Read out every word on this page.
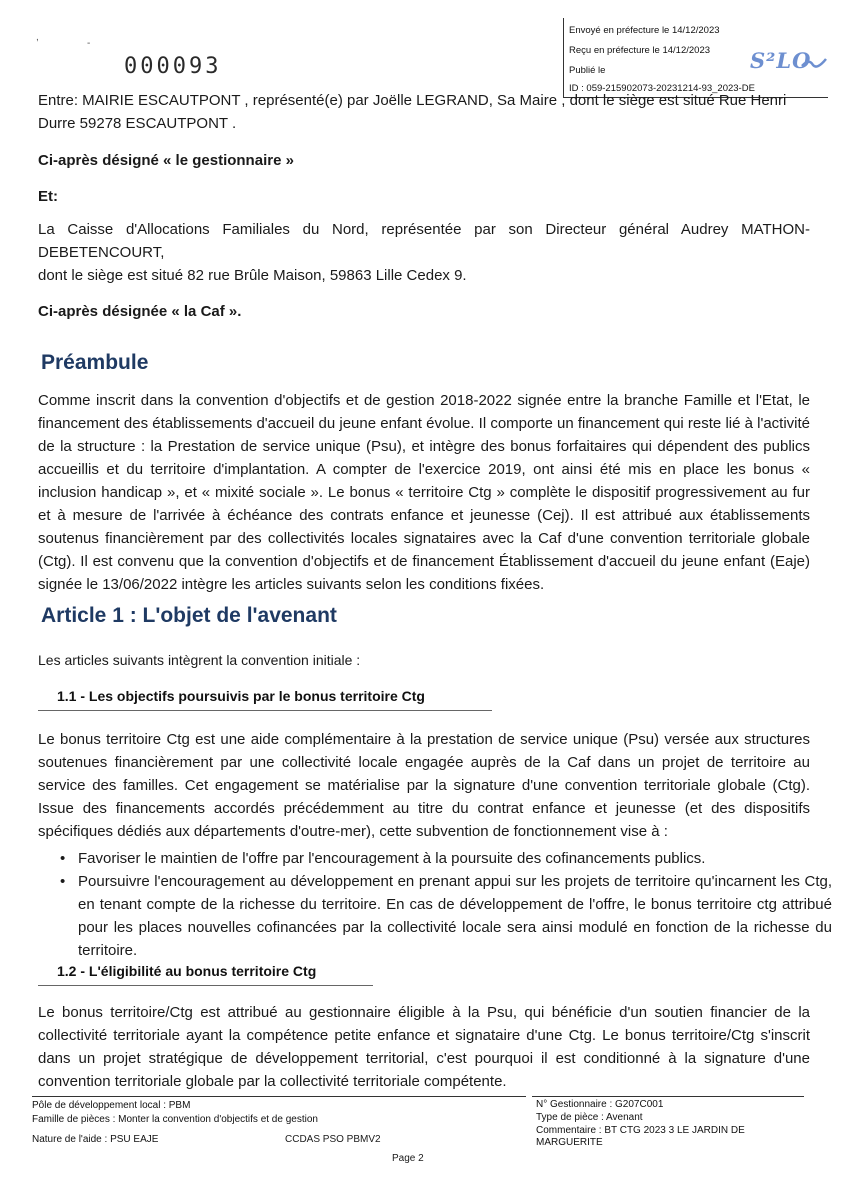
,
-
000093
Envoyé en préfecture le 14/12/2023
Reçu en préfecture le 14/12/2023
Publié le	S²LO
ID : 059-215902073-20231214-93_2023-DE
Entre: MAIRIE ESCAUTPONT , représenté(e) par Joëlle LEGRAND, Sa Maire , dont le siège est situé Rue Henri
Durre 59278 ESCAUTPONT .
Ci-après désigné « le gestionnaire »
Et:
La Caisse d'Allocations Familiales du Nord, représentée par son Directeur général Audrey MATHON-
DEBETENCOURT,
dont le siège est situé 82 rue Brûle Maison, 59863 Lille Cedex 9.
Ci-après désignée « la Caf ».
Préambule
Comme inscrit dans la convention d'objectifs et de gestion 2018-2022 signée entre la branche Famille et l'Etat, le financement des établissements d'accueil du jeune enfant évolue. Il comporte un financement qui reste lié à l'activité de la structure : la Prestation de service unique (Psu), et intègre des bonus forfaitaires qui dépendent des publics accueillis et du territoire d'implantation. A compter de l'exercice 2019, ont ainsi été mis en place les bonus « inclusion handicap », et « mixité sociale ». Le bonus « territoire Ctg » complète le dispositif progressivement au fur et à mesure de l'arrivée à échéance des contrats enfance et jeunesse (Cej). Il est attribué aux établissements soutenus financièrement par des collectivités locales signataires avec la Caf d'une convention territoriale globale (Ctg). Il est convenu que la convention d'objectifs et de financement Établissement d'accueil du jeune enfant (Eaje) signée le 13/06/2022 intègre les articles suivants selon les conditions fixées.
Article 1 : L'objet de l'avenant
Les articles suivants intègrent la convention initiale :
1.1 - Les objectifs poursuivis par le bonus territoire Ctg
Le bonus territoire Ctg est une aide complémentaire à la prestation de service unique (Psu) versée aux structures soutenues financièrement par une collectivité locale engagée auprès de la Caf dans un projet de territoire au service des familles. Cet engagement se matérialise par la signature d'une convention territoriale globale (Ctg). Issue des financements accordés précédemment au titre du contrat enfance et jeunesse (et des dispositifs spécifiques dédiés aux départements d'outre-mer), cette subvention de fonctionnement vise à :
• Favoriser le maintien de l'offre par l'encouragement à la poursuite des cofinancements publics.
• Poursuivre l'encouragement au développement en prenant appui sur les projets de territoire qu'incarnent les Ctg, en tenant compte de la richesse du territoire. En cas de développement de l'offre, le bonus territoire ctg attribué pour les places nouvelles cofinancées par la collectivité locale sera ainsi modulé en fonction de la richesse du territoire.
1.2 - L'éligibilité au bonus territoire Ctg
Le bonus territoire/Ctg est attribué au gestionnaire éligible à la Psu, qui bénéficie d'un soutien financier de la collectivité territoriale ayant la compétence petite enfance et signataire d'une Ctg. Le bonus territoire/Ctg s'inscrit dans un projet stratégique de développement territorial, c'est pourquoi il est conditionné à la signature d'une convention territoriale globale par la collectivité territoriale compétente.
Pôle de développement local : PBM
Famille de pièces : Monter la convention d'objectifs et de gestion
Nature de l'aide : PSU EAJE	CCDAS PSO PBMV2
N° Gestionnaire : G207C001
Type de pièce : Avenant
Commentaire : BT CTG 2023 3 LE JARDIN DE MARGUERITE
Page 2
